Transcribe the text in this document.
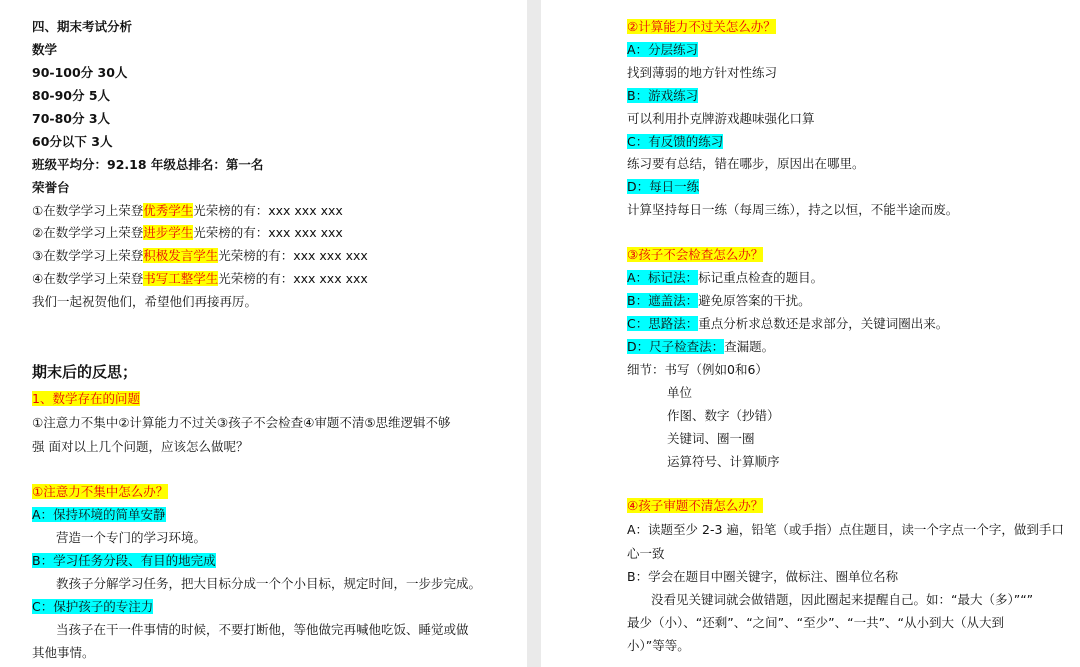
四、期末考试分析
数学
90-100分 30人
80-90分 5人
70-80分 3人
60分以下 3人
班级平均分：92.18 年级总排名：第一名
荣誉台
①在数学学习上荣登优秀学生光荣榜的有：xxx xxx xxx
②在数学学习上荣登进步学生光荣榜的有：xxx xxx xxx
③在数学学习上荣登积极发言学生光荣榜的有：xxx xxx xxx
④在数学学习上荣登书写工整学生光荣榜的有：xxx xxx xxx
我们一起祝贺他们，希望他们再接再厉。
期末后的反思；
1、数学存在的问题
①注意力不集中②计算能力不过关③孩子不会检查④审题不清⑤思维逻辑不够
强 面对以上几个问题，应该怎么做呢？
①注意力不集中怎么办？
A：保持环境的简单安静
营造一个专门的学习环境。
B：学习任务分段、有目的地完成
教孩子分解学习任务，把大目标分成一个个小目标，规定时间，一步步完成。
C：保护孩子的专注力
当孩子在干一件事情的时候，不要打断他，等他做完再喊他吃饭、睡觉或做
其他事情。
②计算能力不过关怎么办？
A：分层练习
找到薄弱的地方针对性练习
B：游戏练习
可以利用扑克牌游戏趣味强化口算
C：有反馈的练习
练习要有总结，错在哪步，原因出在哪里。
D：每日一练
计算坚持每日一练（每周三练），持之以恒，不能半途而废。
③孩子不会检查怎么办？
A：标记法：标记重点检查的题目。
B：遮盖法：避免原答案的干扰。
C：思路法：重点分析求总数还是求部分，关键词圈出来。
D：尺子检查法：查漏题。
细节：书写（例如0和6）
单位
作图、数字（抄错）
关键词、圈一圈
运算符号、计算顺序
④孩子审题不清怎么办？
A：读题至少 2-3 遍，铅笔（或手指）点住题目，读一个字点一个字，做到手口
心一致
B：学会在题目中圈关键字，做标注、圈单位名称
没看见关键词就会做错题，因此圈起来提醒自己。如：“最大（多）”“”
最少（小）、“还剩”、“之间”、“至少”、“一共”、“从小到大（从大到
小）”等等。
